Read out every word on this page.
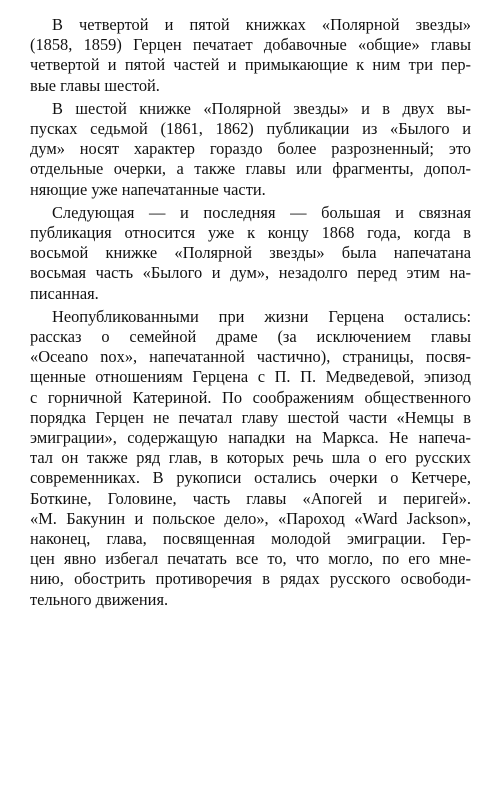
В четвертой и пятой книжках «Полярной звезды»
(1858, 1859) Герцен печатает добавочные «общие» главы
четвертой и пятой частей и примыкающие к ним три пер-
вые главы шестой.
В шестой книжке «Полярной звезды» и в двух вы-
пусках седьмой (1861, 1862) публикации из «Былого и
дум» носят характер гораздо более разрозненный; это
отдельные очерки, а также главы или фрагменты, допол-
няющие уже напечатанные части.
Следующая — и последняя — большая и связная
публикация относится уже к концу 1868 года, когда в
восьмой книжке «Полярной звезды» была напечатана
восьмая часть «Былого и дум», незадолго перед этим на-
писанная.
Неопубликованными при жизни Герцена остались:
рассказ о семейной драме (за исключением главы
«Oceano nox», напечатанной частично), страницы, посвя-
щенные отношениям Герцена с П. П. Медведевой, эпизод
с горничной Катериной. По соображениям общественного
порядка Герцен не печатал главу шестой части «Немцы в
эмиграции», содержащую нападки на Маркса. Не напеча-
тал он также ряд глав, в которых речь шла о его русских
современниках. В рукописи остались очерки о Кетчере,
Боткине, Головине, часть главы «Апогей и перигей».
«М. Бакунин и польское дело», «Пароход «Ward Jackson»,
наконец, глава, посвященная молодой эмиграции. Гер-
цен явно избегал печатать все то, что могло, по его мне-
нию, обострить противоречия в рядах русского освободи-
тельного движения.
